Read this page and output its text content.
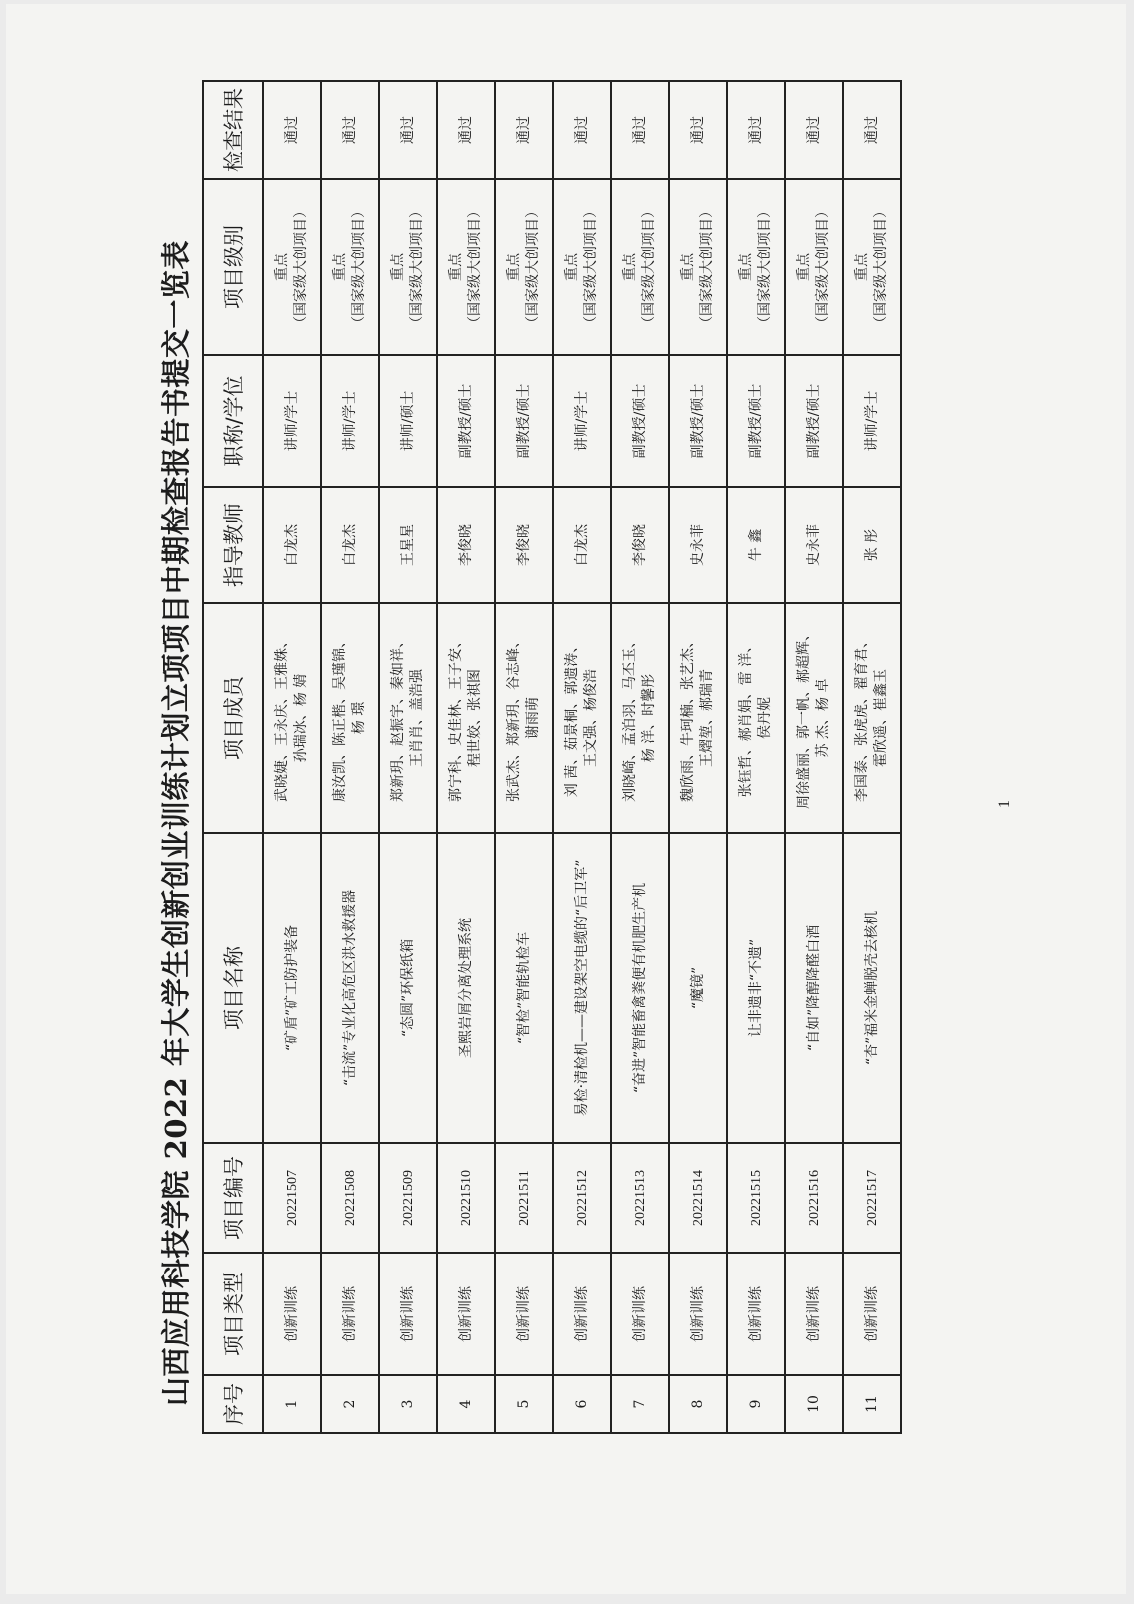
山西应用科技学院 2022 年大学生创新创业训练计划立项项目中期检查报告书提交一览表 序号	项目类型	项目编号	项目名称	项目成员	指导教师	职称/学位	项目级别	检查结果
1	创新训练	20221507	“矿盾”矿工防护装备	武晓婕、王永庆、王雅姝、 孙瑞冰、杨 婧	白龙杰	讲师/学士	重点 （国家级大创项目）	通过
2	创新训练	20221508	“击流”专业化高危区洪水救援器	康汝凯、陈正楷、吴瑾锦、 杨 璟	白龙杰	讲师/学士	重点 （国家级大创项目）	通过
3	创新训练	20221509	“态圆”环保纸箱	郑新玥、赵振宇、秦如祥、 王肖肖、盖浩强	王星星	讲师/硕士	重点 （国家级大创项目）	通过
4	创新训练	20221510	圣熙岩屑分离处理系统	郭宁科、史佳林、王子安、 程世姣、张祺图	李俊晓	副教授/硕士	重点 （国家级大创项目）	通过
5	创新训练	20221511	“智检”智能轨检车	张武杰、郑新玥、谷志峰、 谢雨萌	李俊晓	副教授/硕士	重点 （国家级大创项目）	通过
6	创新训练	20221512	易检·清检机——建设架空电缆的“后卫军”	刘 茜、茹景桐、郭遗涛、 王文强、杨俊浩	白龙杰	讲师/学士	重点 （国家级大创项目）	通过
7	创新训练	20221513	“奋进”智能畜禽粪便有机肥生产机	刘晓崎、孟泊羽、马丕玉、 杨 洋、时馨彤	李俊晓	副教授/硕士	重点 （国家级大创项目）	通过
8	创新训练	20221514	“魔镜”	魏欣雨、牛珂楠、张艺杰、 王熠堃、郝瑞青	史永菲	副教授/硕士	重点 （国家级大创项目）	通过
9	创新训练	20221515	让非遗非“不遗”	张钰哲、郝肖娟、雷 洋、 侯丹妮	牛 鑫	副教授/硕士	重点 （国家级大创项目）	通过
10	创新训练	20221516	“自如”降醇降醛白酒	周徐盛丽、郭一帆、郝超辉、 苏 杰、杨 卓	史永菲	副教授/硕士	重点 （国家级大创项目）	通过
11	创新训练	20221517	“杏”福米金蝉脱壳去核机	李国泰、张虎虎、翟育君、 霍欣遥、崔鑫玉	张 彤	讲师/学士	重点 （国家级大创项目）	通过
1
